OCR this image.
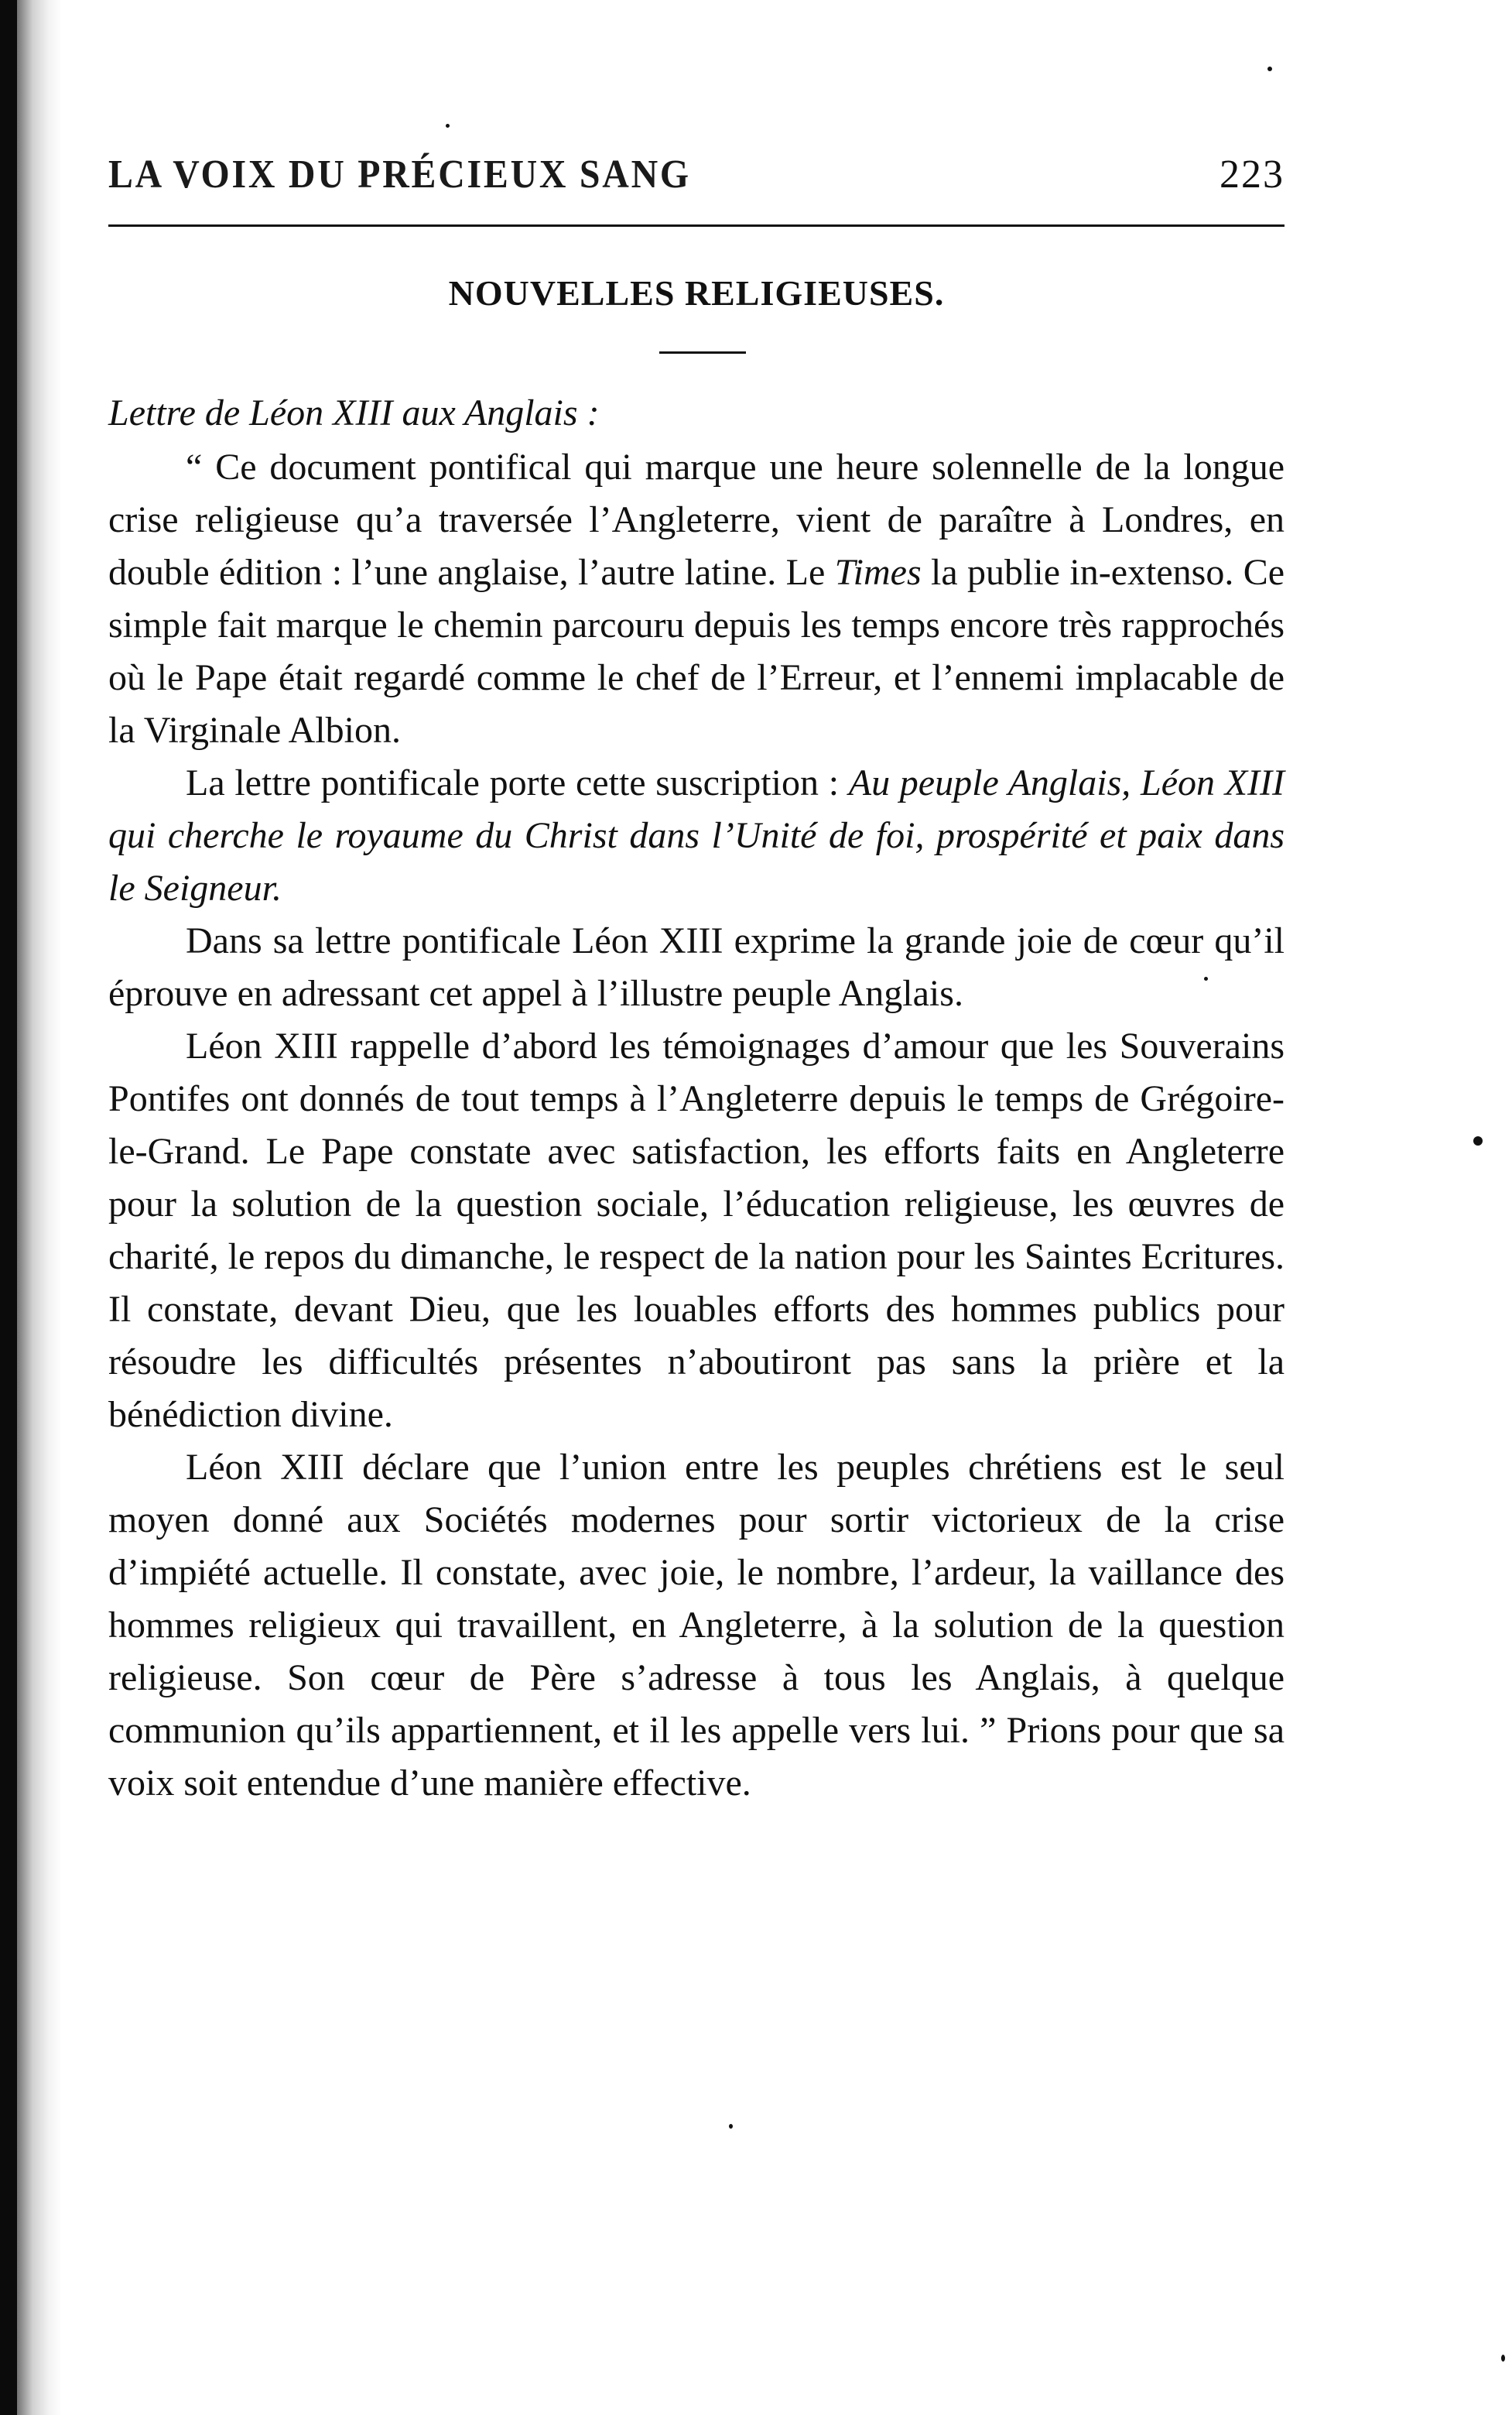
LA VOIX DU PRÉCIEUX SANG	223
NOUVELLES RELIGIEUSES.

Lettre de Léon XIII aux Anglais :

“ Ce document pontifical qui marque une heure solennelle de la longue crise religieuse qu’a traversée l’Angleterre, vient de paraître à Londres, en double édition : l’une anglaise, l’autre latine. Le Times la publie in-extenso. Ce simple fait marque le chemin parcouru depuis les temps encore très rapprochés où le Pape était regardé comme le chef de l’Erreur, et l’ennemi implacable de la Virginale Albion.

La lettre pontificale porte cette suscription : Au peuple Anglais, Léon XIII qui cherche le royaume du Christ dans l’Unité de foi, prospérité et paix dans le Seigneur.

Dans sa lettre pontificale Léon XIII exprime la grande joie de cœur qu’il éprouve en adressant cet appel à l’illustre peuple Anglais.

Léon XIII rappelle d’abord les témoignages d’amour que les Souverains Pontifes ont donnés de tout temps à l’Angleterre depuis le temps de Grégoire-le-Grand. Le Pape constate avec satisfaction, les efforts faits en Angleterre pour la solution de la question sociale, l’éducation religieuse, les œuvres de charité, le repos du dimanche, le respect de la nation pour les Saintes Ecritures. Il constate, devant Dieu, que les louables efforts des hommes publics pour résoudre les difficultés présentes n’aboutiront pas sans la prière et la bénédiction divine.

Léon XIII déclare que l’union entre les peuples chrétiens est le seul moyen donné aux Sociétés modernes pour sortir victorieux de la crise d’impiété actuelle. Il constate, avec joie, le nombre, l’ardeur, la vaillance des hommes religieux qui travaillent, en Angleterre, à la solution de la question religieuse. Son cœur de Père s’adresse à tous les Anglais, à quelque communion qu’ils appartiennent, et il les appelle vers lui. ” Prions pour que sa voix soit entendue d’une manière effective.
